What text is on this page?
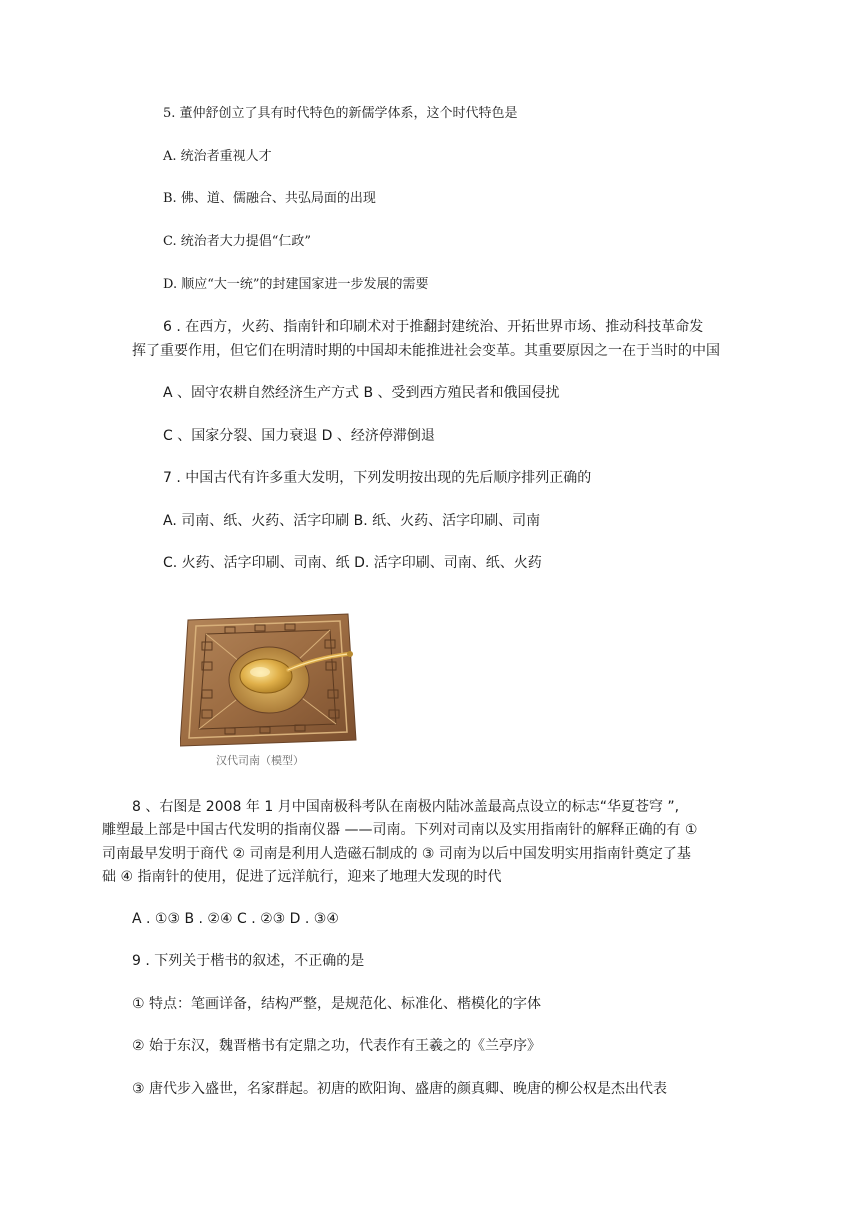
5. 董仲舒创立了具有时代特色的新儒学体系，这个时代特色是
A. 统治者重视人才
B. 佛、道、儒融合、共弘局面的出现
C. 统治者大力提倡“仁政”
D. 顺应“大一统”的封建国家进一步发展的需要
6 . 在西方，火药、指南针和印刷术对于推翻封建统治、开拓世界市场、推动科技革命发
挥了重要作用，但它们在明清时期的中国却未能推进社会变革。其重要原因之一在于当时的中国
A 、固守农耕自然经济生产方式 B 、受到西方殖民者和俄国侵扰
C 、国家分裂、国力衰退 D 、经济停滞倒退
7 . 中国古代有许多重大发明，下列发明按出现的先后顺序排列正确的
A. 司南、纸、火药、活字印刷 B. 纸、火药、活字印刷、司南
C. 火药、活字印刷、司南、纸 D. 活字印刷、司南、纸、火药
汉代司南（模型）
8 、右图是 2008 年 1 月中国南极科考队在南极内陆冰盖最高点设立的标志“华夏苍穹 ”,
雕塑最上部是中国古代发明的指南仪器 ——司南。下列对司南以及实用指南针的解释正确的有 ①
司南最早发明于商代 ② 司南是利用人造磁石制成的 ③ 司南为以后中国发明实用指南针奠定了基
础 ④ 指南针的使用，促进了远洋航行，迎来了地理大发现的时代
A . ①③ B . ②④ C . ②③ D . ③④
9 . 下列关于楷书的叙述，不正确的是
① 特点：笔画详备，结构严整，是规范化、标准化、楷模化的字体
② 始于东汉，魏晋楷书有定鼎之功，代表作有王羲之的《兰亭序》
③ 唐代步入盛世，名家群起。初唐的欧阳询、盛唐的颜真卿、晚唐的柳公权是杰出代表
